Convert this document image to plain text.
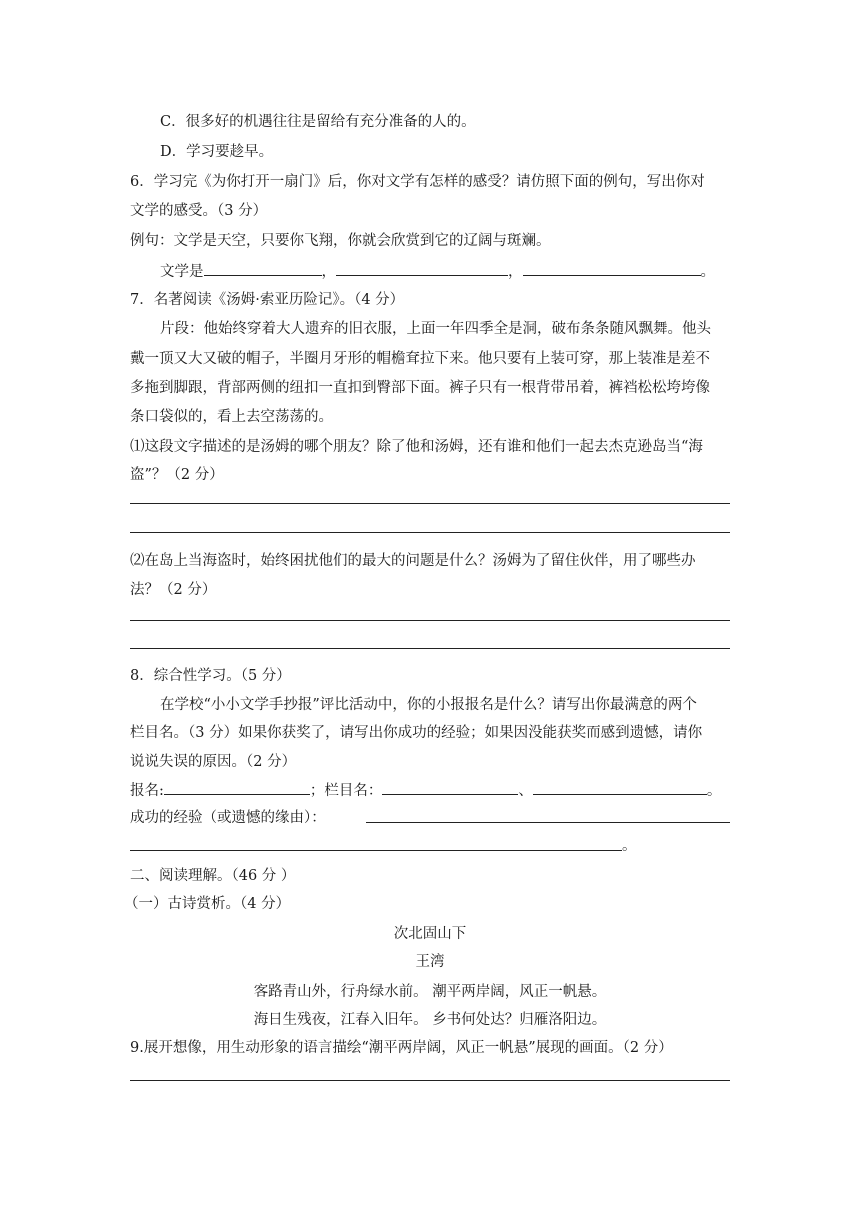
C．很多好的机遇往往是留给有充分准备的人的。
D．学习要趁早。
6．学习完《为你打开一扇门》后，你对文学有怎样的感受？请仿照下面的例句，写出你对
文学的感受。（3 分）
例句：文学是天空，只要你飞翔，你就会欣赏到它的辽阔与斑斓。
文学是	，	，	。
7．名著阅读《汤姆·索亚历险记》。（4 分）
片段：他始终穿着大人遗弃的旧衣服，上面一年四季全是洞，破布条条随风飘舞。他头
戴一顶又大又破的帽子，半圈月牙形的帽檐耷拉下来。他只要有上装可穿，那上装准是差不
多拖到脚跟，背部两侧的纽扣一直扣到臀部下面。裤子只有一根背带吊着，裤裆松松垮垮像
条口袋似的，看上去空荡荡的。
⑴这段文字描述的是汤姆的哪个朋友？除了他和汤姆，还有谁和他们一起去杰克逊岛当“海
盗”？（2 分）
⑵在岛上当海盗时，始终困扰他们的最大的问题是什么？汤姆为了留住伙伴，用了哪些办
法？（2 分）
8．综合性学习。（5 分）
在学校“小小文学手抄报”评比活动中，你的小报报名是什么？请写出你最满意的两个
栏目名。（3 分）如果你获奖了，请写出你成功的经验；如果因没能获奖而感到遗憾，请你
说说失误的原因。（2 分）
报名:	；栏目名：	、	。
成功的经验（或遗憾的缘由）：
。
二、阅读理解。（46 分 ）
（一）古诗赏析。（4 分）
次北固山下
王湾
客路青山外，行舟绿水前。 潮平两岸阔，风正一帆悬。
海日生残夜，江春入旧年。 乡书何处达？归雁洛阳边。
9.展开想像，用生动形象的语言描绘“潮平两岸阔，风正一帆悬”展现的画面。（2 分）
